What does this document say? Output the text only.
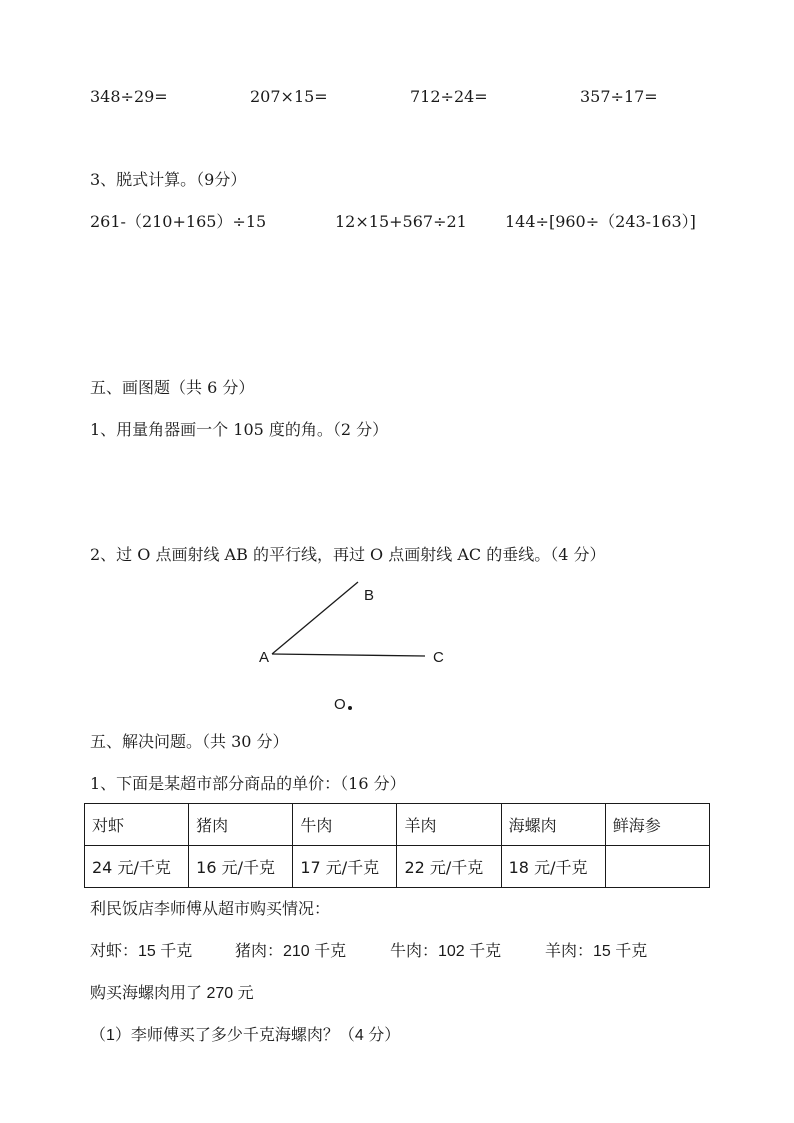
348÷29=	207×15=	712÷24=	357÷17=
3、脱式计算。（9分）
261-（210+165）÷15	12×15+567÷21 144÷[960÷（243-163）]
五、画图题（共 6 分）
1、用量角器画一个 105 度的角。（2 分）
2、过 O 点画射线 AB 的平行线，再过 O 点画射线 AC 的垂线。（4 分）
A
B
C
O
五、解决问题。（共 30 分）
1、下面是某超市部分商品的单价：（16 分）
对虾	猪肉	牛肉	羊肉	海螺肉	鲜海参
24 元/千克	16 元/千克	17 元/千克	22 元/千克	18 元/千克	
利民饭店李师傅从超市购买情况：
对虾：15 千克	猪肉：210 千克	牛肉：102 千克	羊肉：15 千克
购买海螺肉用了 270 元
（1）李师傅买了多少千克海螺肉？（4 分）
